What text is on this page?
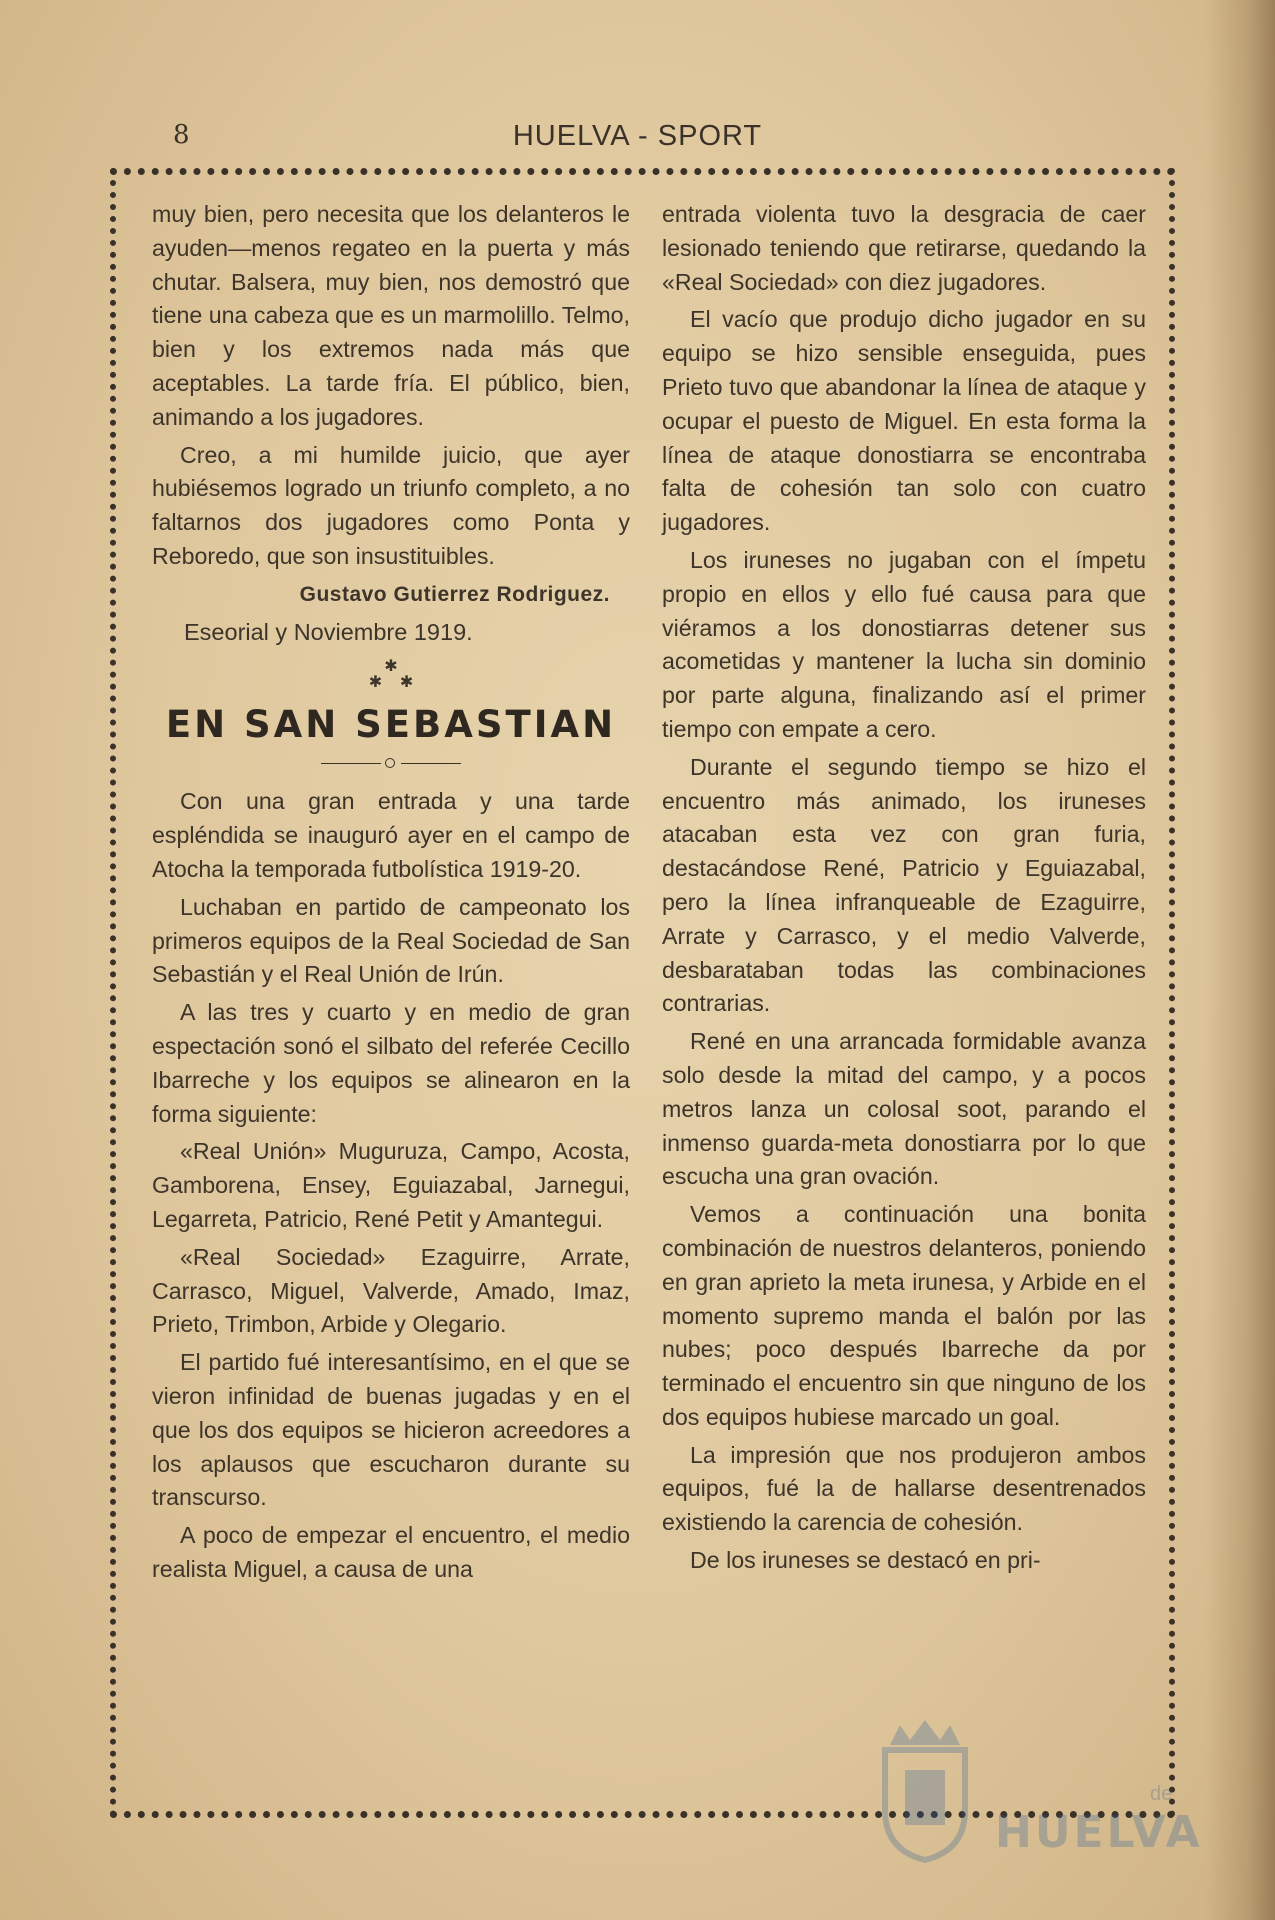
8	HUELVA - SPORT

muy bien, pero necesita que los delanteros le ayuden—menos regateo en la puerta y más chutar. Balsera, muy bien, nos demostró que tiene una cabeza que es un marmolillo. Telmo, bien y los extremos nada más que aceptables. La tarde fría. El público, bien, animando a los jugadores.

Creo, a mi humilde juicio, que ayer hubiésemos logrado un triunfo completo, a no faltarnos dos jugadores como Ponta y Reboredo, que son insustituibles.

Gustavo Gutierrez Rodriguez.
Eseorial y Noviembre 1919.
✱
✱    ✱
EN SAN SEBASTIAN

Con una gran entrada y una tarde espléndida se inauguró ayer en el campo de Atocha la temporada futbolística 1919-20.

Luchaban en partido de campeonato los primeros equipos de la Real Sociedad de San Sebastián y el Real Unión de Irún.

A las tres y cuarto y en medio de gran espectación sonó el silbato del referée Cecillo Ibarreche y los equipos se alinearon en la forma siguiente:

«Real Unión» Muguruza, Campo, Acosta, Gamborena, Ensey, Eguiazabal, Jarnegui, Legarreta, Patricio, René Petit y Amantegui.

«Real Sociedad» Ezaguirre, Arrate, Carrasco, Miguel, Valverde, Amado, Imaz, Prieto, Trimbon, Arbide y Olegario.

El partido fué interesantísimo, en el que se vieron infinidad de buenas jugadas y en el que los dos equipos se hicieron acreedores a los aplausos que escucharon durante su transcurso.

A poco de empezar el encuentro, el medio realista Miguel, a causa de una

entrada violenta tuvo la desgracia de caer lesionado teniendo que retirarse, quedando la «Real Sociedad» con diez jugadores.

El vacío que produjo dicho jugador en su equipo se hizo sensible enseguida, pues Prieto tuvo que abandonar la línea de ataque y ocupar el puesto de Miguel. En esta forma la línea de ataque donostiarra se encontraba falta de cohesión tan solo con cuatro jugadores.

Los iruneses no jugaban con el ímpetu propio en ellos y ello fué causa para que viéramos a los donostiarras detener sus acometidas y mantener la lucha sin dominio por parte alguna, finalizando así el primer tiempo con empate a cero.

Durante el segundo tiempo se hizo el encuentro más animado, los iruneses atacaban esta vez con gran furia, destacándose René, Patricio y Eguiazabal, pero la línea infranqueable de Ezaguirre, Arrate y Carrasco, y el medio Valverde, desbarataban todas las combinaciones contrarias.

René en una arrancada formidable avanza solo desde la mitad del campo, y a pocos metros lanza un colosal soot, parando el inmenso guarda-meta donostiarra por lo que escucha una gran ovación.

Vemos a continuación una bonita combinación de nuestros delanteros, poniendo en gran aprieto la meta irunesa, y Arbide en el momento supremo manda el balón por las nubes; poco después Ibarreche da por terminado el encuentro sin que ninguno de los dos equipos hubiese marcado un goal.

La impresión que nos produjeron ambos equipos, fué la de hallarse desentrenados existiendo la carencia de cohesión.

De los iruneses se destacó en pri-

de
HUELVA
